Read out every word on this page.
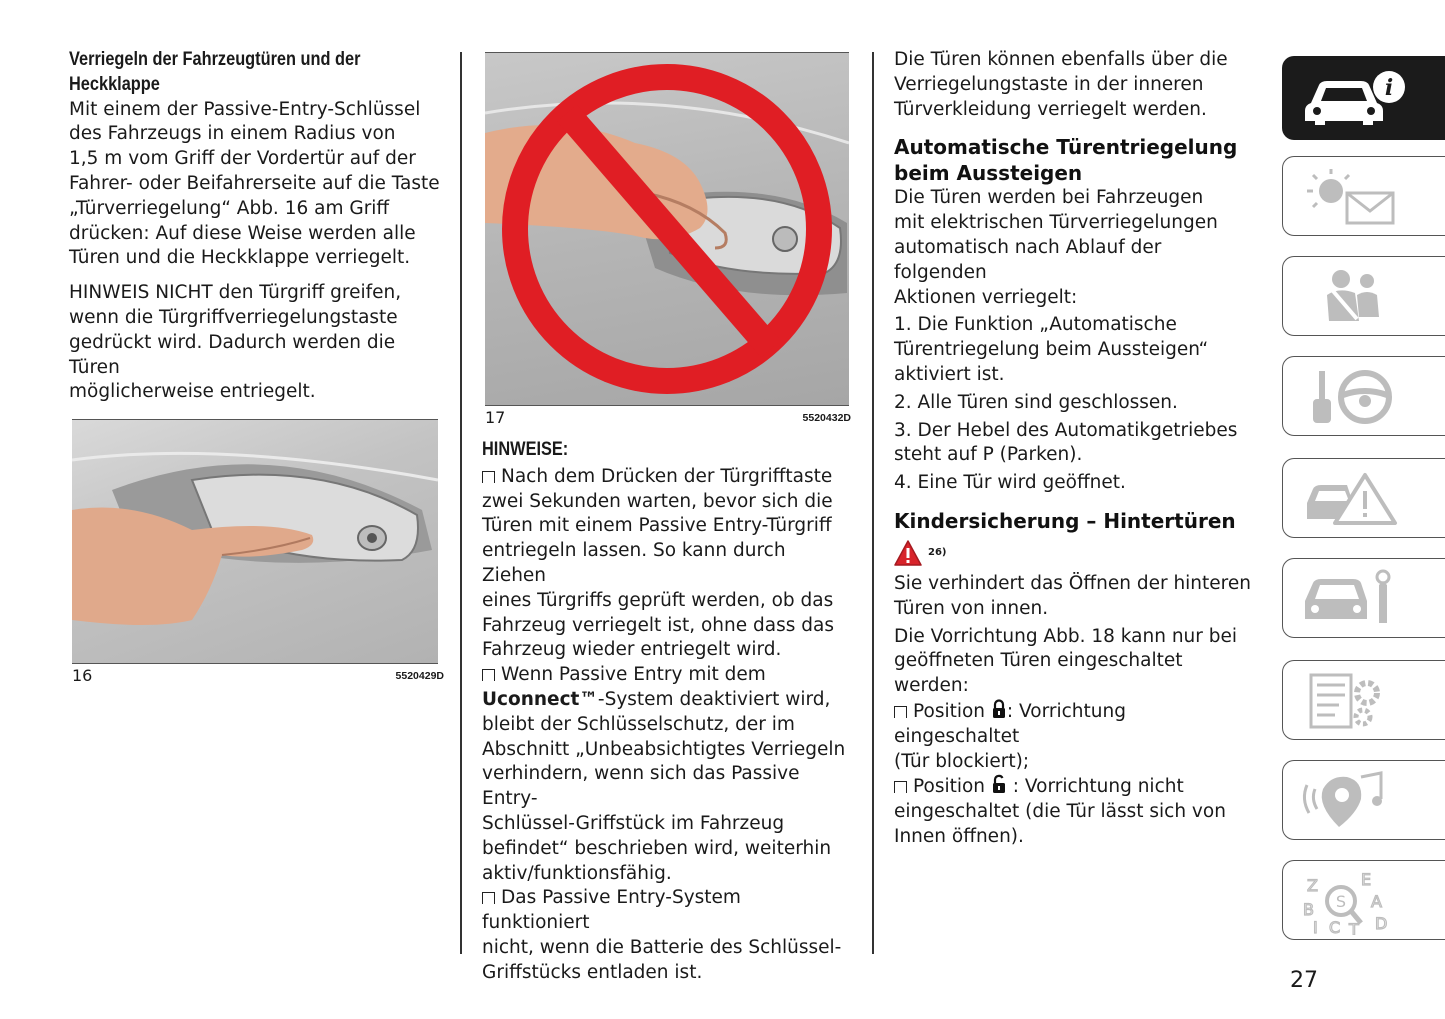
Verriegeln der Fahrzeugtüren und der
Heckklappe

Mit einem der Passive-Entry-Schlüssel
des Fahrzeugs in einem Radius von
1,5 m vom Griff der Vordertür auf der
Fahrer- oder Beifahrerseite auf die Taste
„Türverriegelung“ Abb. 16 am Griff
drücken: Auf diese Weise werden alle
Türen und die Heckklappe verriegelt.

HINWEIS NICHT den Türgriff greifen,
wenn die Türgriffverriegelungstaste
gedrückt wird. Dadurch werden die Türen
möglicherweise entriegelt.

16	5520429D
17	5520432D
HINWEISE:

Nach dem Drücken der Türgrifftaste
zwei Sekunden warten, bevor sich die
Türen mit einem Passive Entry-Türgriff
entriegeln lassen. So kann durch Ziehen
eines Türgriffs geprüft werden, ob das
Fahrzeug verriegelt ist, ohne dass das
Fahrzeug wieder entriegelt wird.

Wenn Passive Entry mit dem
Uconnect™-System deaktiviert wird,
bleibt der Schlüsselschutz, der im
Abschnitt „Unbeabsichtigtes Verriegeln
verhindern, wenn sich das Passive Entry-
Schlüssel-Griffstück im Fahrzeug
befindet“ beschrieben wird, weiterhin
aktiv/funktionsfähig.

Das Passive Entry-System funktioniert
nicht, wenn die Batterie des Schlüssel-
Griffstücks entladen ist.

Die Türen können ebenfalls über die
Verriegelungstaste in der inneren
Türverkleidung verriegelt werden.

Automatische Türentriegelung
beim Aussteigen

Die Türen werden bei Fahrzeugen
mit elektrischen Türverriegelungen
automatisch nach Ablauf der folgenden
Aktionen verriegelt:

1. Die Funktion „Automatische
Türentriegelung beim Aussteigen“
aktiviert ist.

2. Alle Türen sind geschlossen.

3. Der Hebel des Automatikgetriebes
steht auf P (Parken).

4. Eine Tür wird geöffnet.

Kindersicherung – Hintertüren
26)

Sie verhindert das Öffnen der hinteren
Türen von innen.

Die Vorrichtung Abb. 18 kann nur bei
geöffneten Türen eingeschaltet werden:

Position : Vorrichtung eingeschaltet
(Tür blockiert);

Position  : Vorrichtung nicht
eingeschaltet (die Tür lässt sich von
Innen öffnen).

i
Z	E
B	A
D
I C T
S
27
